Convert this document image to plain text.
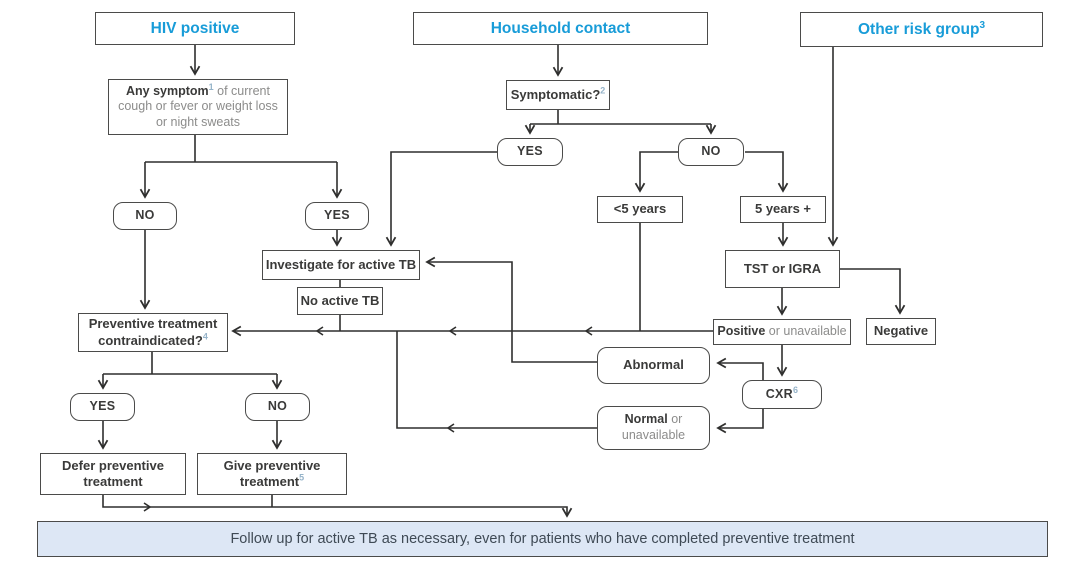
HIV positive	Household contact	Other risk group$^3$
Any symptom$^1$ of current cough or fever or weight loss or night sweats
NO	YES
Symptomatic?$^2$
YES	NO
<5 years	5 years +
Investigate for active TB
No active TB
TST or IGRA
Positive or unavailable Negative
Abnormal
CXR$^6$
Normal or unavailable
Preventive treatment contraindicated?$^4$
YES	NO
Defer preventive treatment
Give preventive treatment$^5$
Follow up for active TB as necessary, even for patients who have completed preventive treatment
